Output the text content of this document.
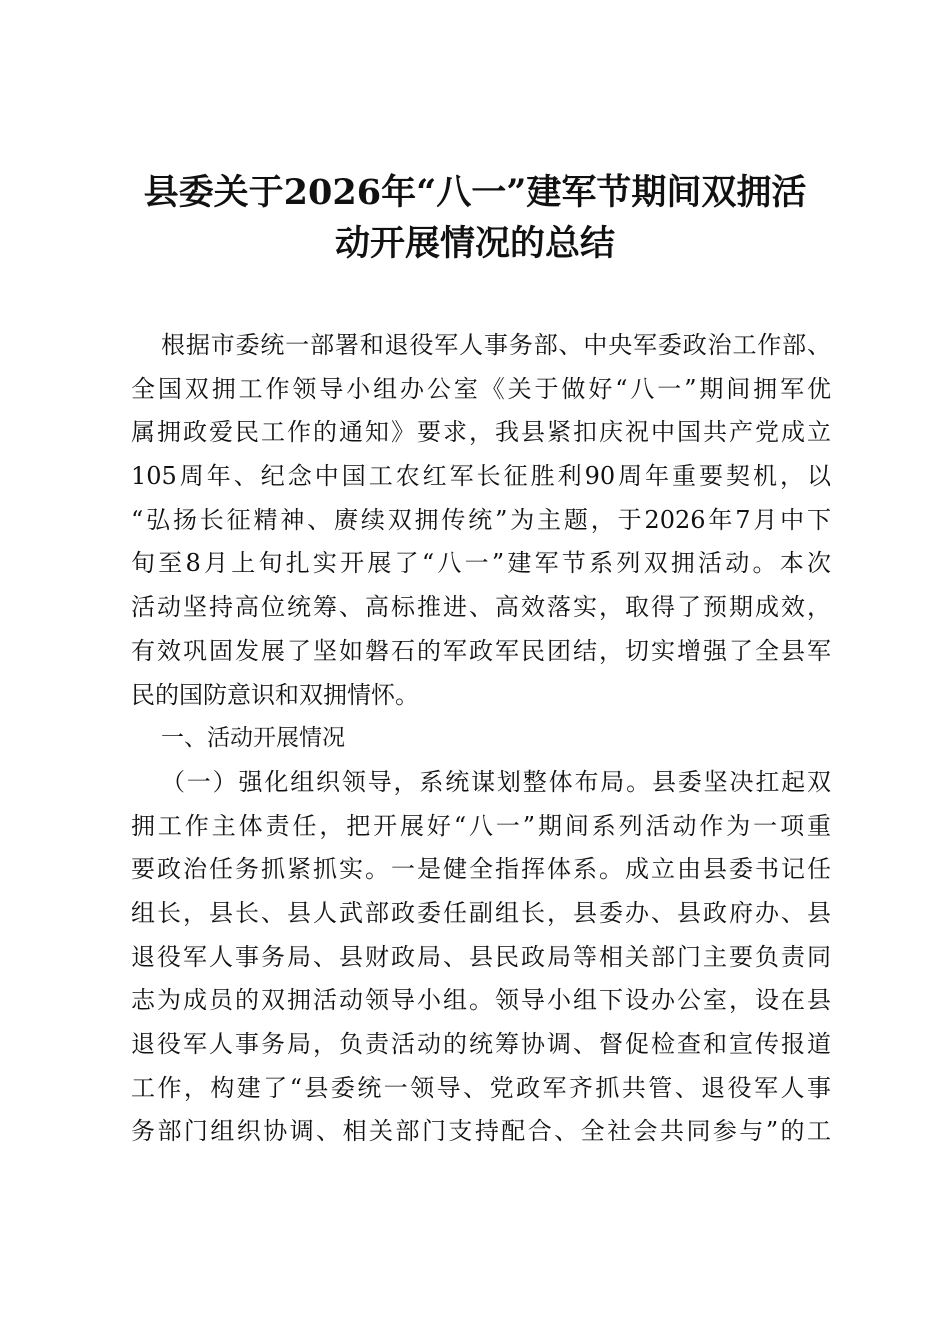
县委关于2026年“八一”建军节期间双拥活
动开展情况的总结
根据市委统一部署和退役军人事务部、中央军委政治工作部、
全国双拥工作领导小组办公室《关于做好“八一”期间拥军优
属拥政爱民工作的通知》要求，我县紧扣庆祝中国共产党成立
105周年、纪念中国工农红军长征胜利90周年重要契机，以
“弘扬长征精神、赓续双拥传统”为主题，于2026年7月中下
旬至8月上旬扎实开展了“八一”建军节系列双拥活动。本次
活动坚持高位统筹、高标推进、高效落实，取得了预期成效，
有效巩固发展了坚如磐石的军政军民团结，切实增强了全县军
民的国防意识和双拥情怀。
一、活动开展情况
（一）强化组织领导，系统谋划整体布局。县委坚决扛起双
拥工作主体责任，把开展好“八一”期间系列活动作为一项重
要政治任务抓紧抓实。一是健全指挥体系。成立由县委书记任
组长，县长、县人武部政委任副组长，县委办、县政府办、县
退役军人事务局、县财政局、县民政局等相关部门主要负责同
志为成员的双拥活动领导小组。领导小组下设办公室，设在县
退役军人事务局，负责活动的统筹协调、督促检查和宣传报道
工作，构建了“县委统一领导、党政军齐抓共管、退役军人事
务部门组织协调、相关部门支持配合、全社会共同参与”的工
